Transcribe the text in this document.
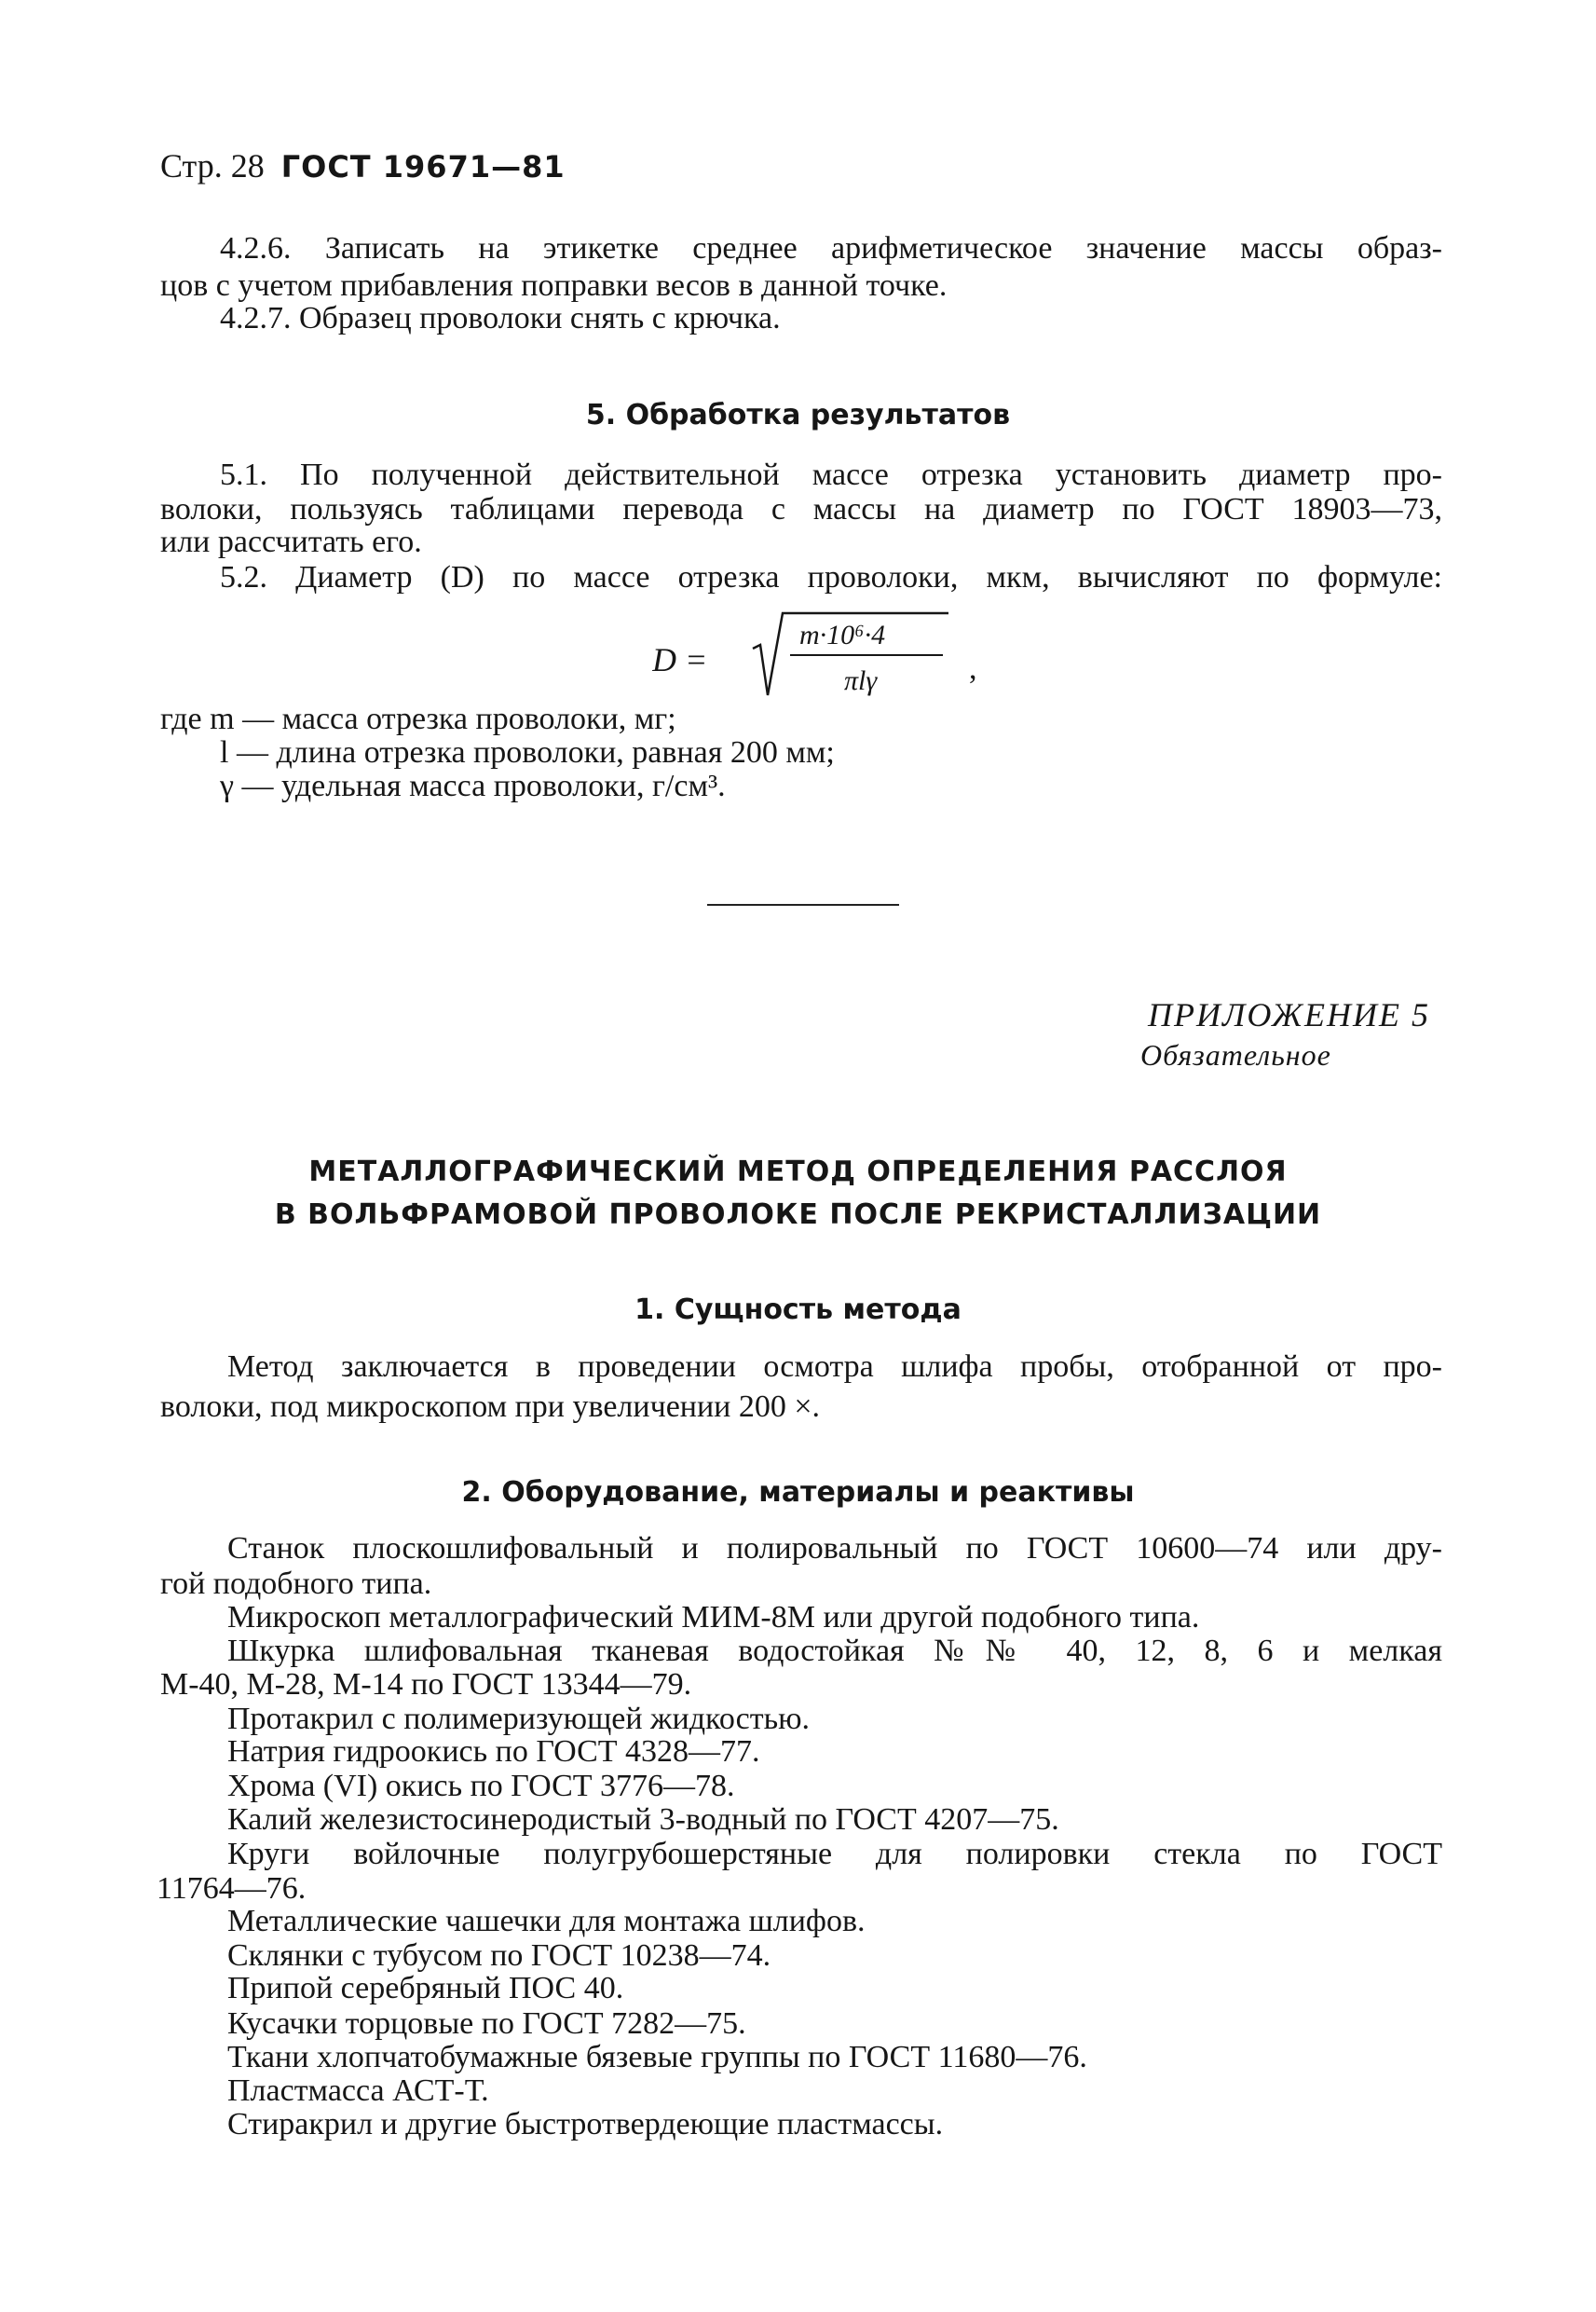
Стр. 28 ГОСТ 19671—81
4.2.6. Записать на этикетке среднее арифметическое значение массы образ-
цов с учетом прибавления поправки весов в данной точке.
4.2.7. Образец проволоки снять с крючка.
5. Обработка результатов
5.1. По полученной действительной массе отрезка установить диаметр про-
волоки, пользуясь таблицами перевода с массы на диаметр по ГОСТ 18903—73,
или рассчитать его.
5.2. Диаметр (D) по массе отрезка проволоки, мкм, вычисляют по формуле:
D =
m·10⁶·4
πlγ	,
где m — масса отрезка проволоки, мг;
l — длина отрезка проволоки, равная 200 мм;
γ — удельная масса проволоки, г/см³.
ПРИЛОЖЕНИЕ 5
Обязательное
МЕТАЛЛОГРАФИЧЕСКИЙ МЕТОД ОПРЕДЕЛЕНИЯ РАССЛОЯ
В ВОЛЬФРАМОВОЙ ПРОВОЛОКЕ ПОСЛЕ РЕКРИСТАЛЛИЗАЦИИ
1. Сущность метода
Метод заключается в проведении осмотра шлифа пробы, отобранной от про-
волоки, под микроскопом при увеличении 200 ×.
2. Оборудование, материалы и реактивы
Станок плоскошлифовальный и полировальный по ГОСТ 10600—74 или дру-
гой подобного типа.
Микроскоп металлографический МИМ-8М или другой подобного типа.
Шкурка шлифовальная тканевая водостойкая №№ 40, 12, 8, 6 и мелкая
М-40, М-28, М-14 по ГОСТ 13344—79.
Протакрил с полимеризующей жидкостью.
Натрия гидроокись по ГОСТ 4328—77.
Хрома (VI) окись по ГОСТ 3776—78.
Калий железистосинеродистый 3-водный по ГОСТ 4207—75.
Круги войлочные полугрубошерстяные для полировки стекла по ГОСТ
11764—76.
Металлические чашечки для монтажа шлифов.
Склянки с тубусом по ГОСТ 10238—74.
Припой серебряный ПОС 40.
Кусачки торцовые по ГОСТ 7282—75.
Ткани хлопчатобумажные бязевые группы по ГОСТ 11680—76.
Пластмасса АСТ-Т.
Стиракрил и другие быстротвердеющие пластмассы.
